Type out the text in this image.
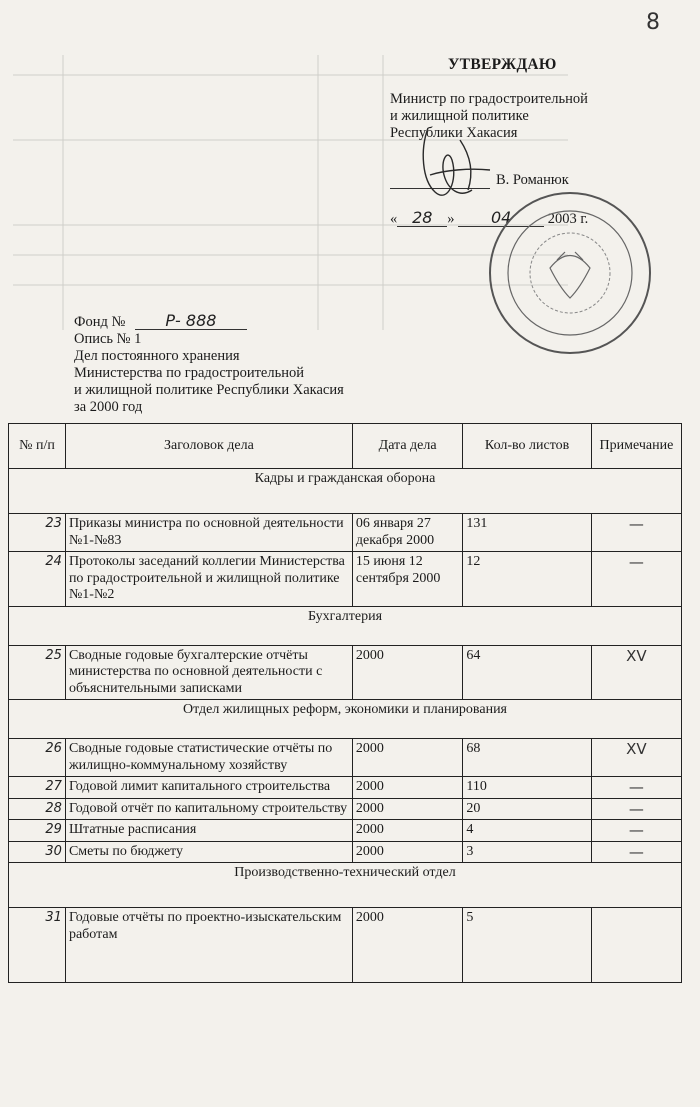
8
УТВЕРЖДАЮ
Министр по градостроительной
и жилищной политике
Республики Хакасия
В. Романюк
« 28 » 04	2003 г.
Фонд №	Р- 888
Опись № 1
Дел постоянного хранения
Министерства по градостроительной
и жилищной политике Республики Хакасия
за 2000 год
№ п/п	Заголовок дела	Дата дела	Кол-во листов	Примечание
Кадры и гражданская оборона				
23	Приказы министра по основной деятельности №1-№83	06 января 27 декабря 2000	131	—
24	Протоколы заседаний коллегии Министерства по градостроительной и жилищной политике №1-№2	15 июня 12 сентября 2000	12	—
Бухгалтерия				
25	Сводные годовые бухгалтерские отчёты министерства по основной деятельности с объяснительными записками	2000	64	ХV
Отдел жилищных реформ, экономики и планирования				
26	Сводные годовые статистические отчёты по жилищно-коммунальному хозяйству	2000	68	ХV
27	Годовой лимит капитального строительства	2000	110	—
28	Годовой отчёт по капитальному строительству	2000	20	—
29	Штатные расписания	2000	4	—
30	Сметы по бюджету	2000	3	—
Производственно-технический отдел				
31	Годовые отчёты по проектно-изыскательским работам	2000	5	
